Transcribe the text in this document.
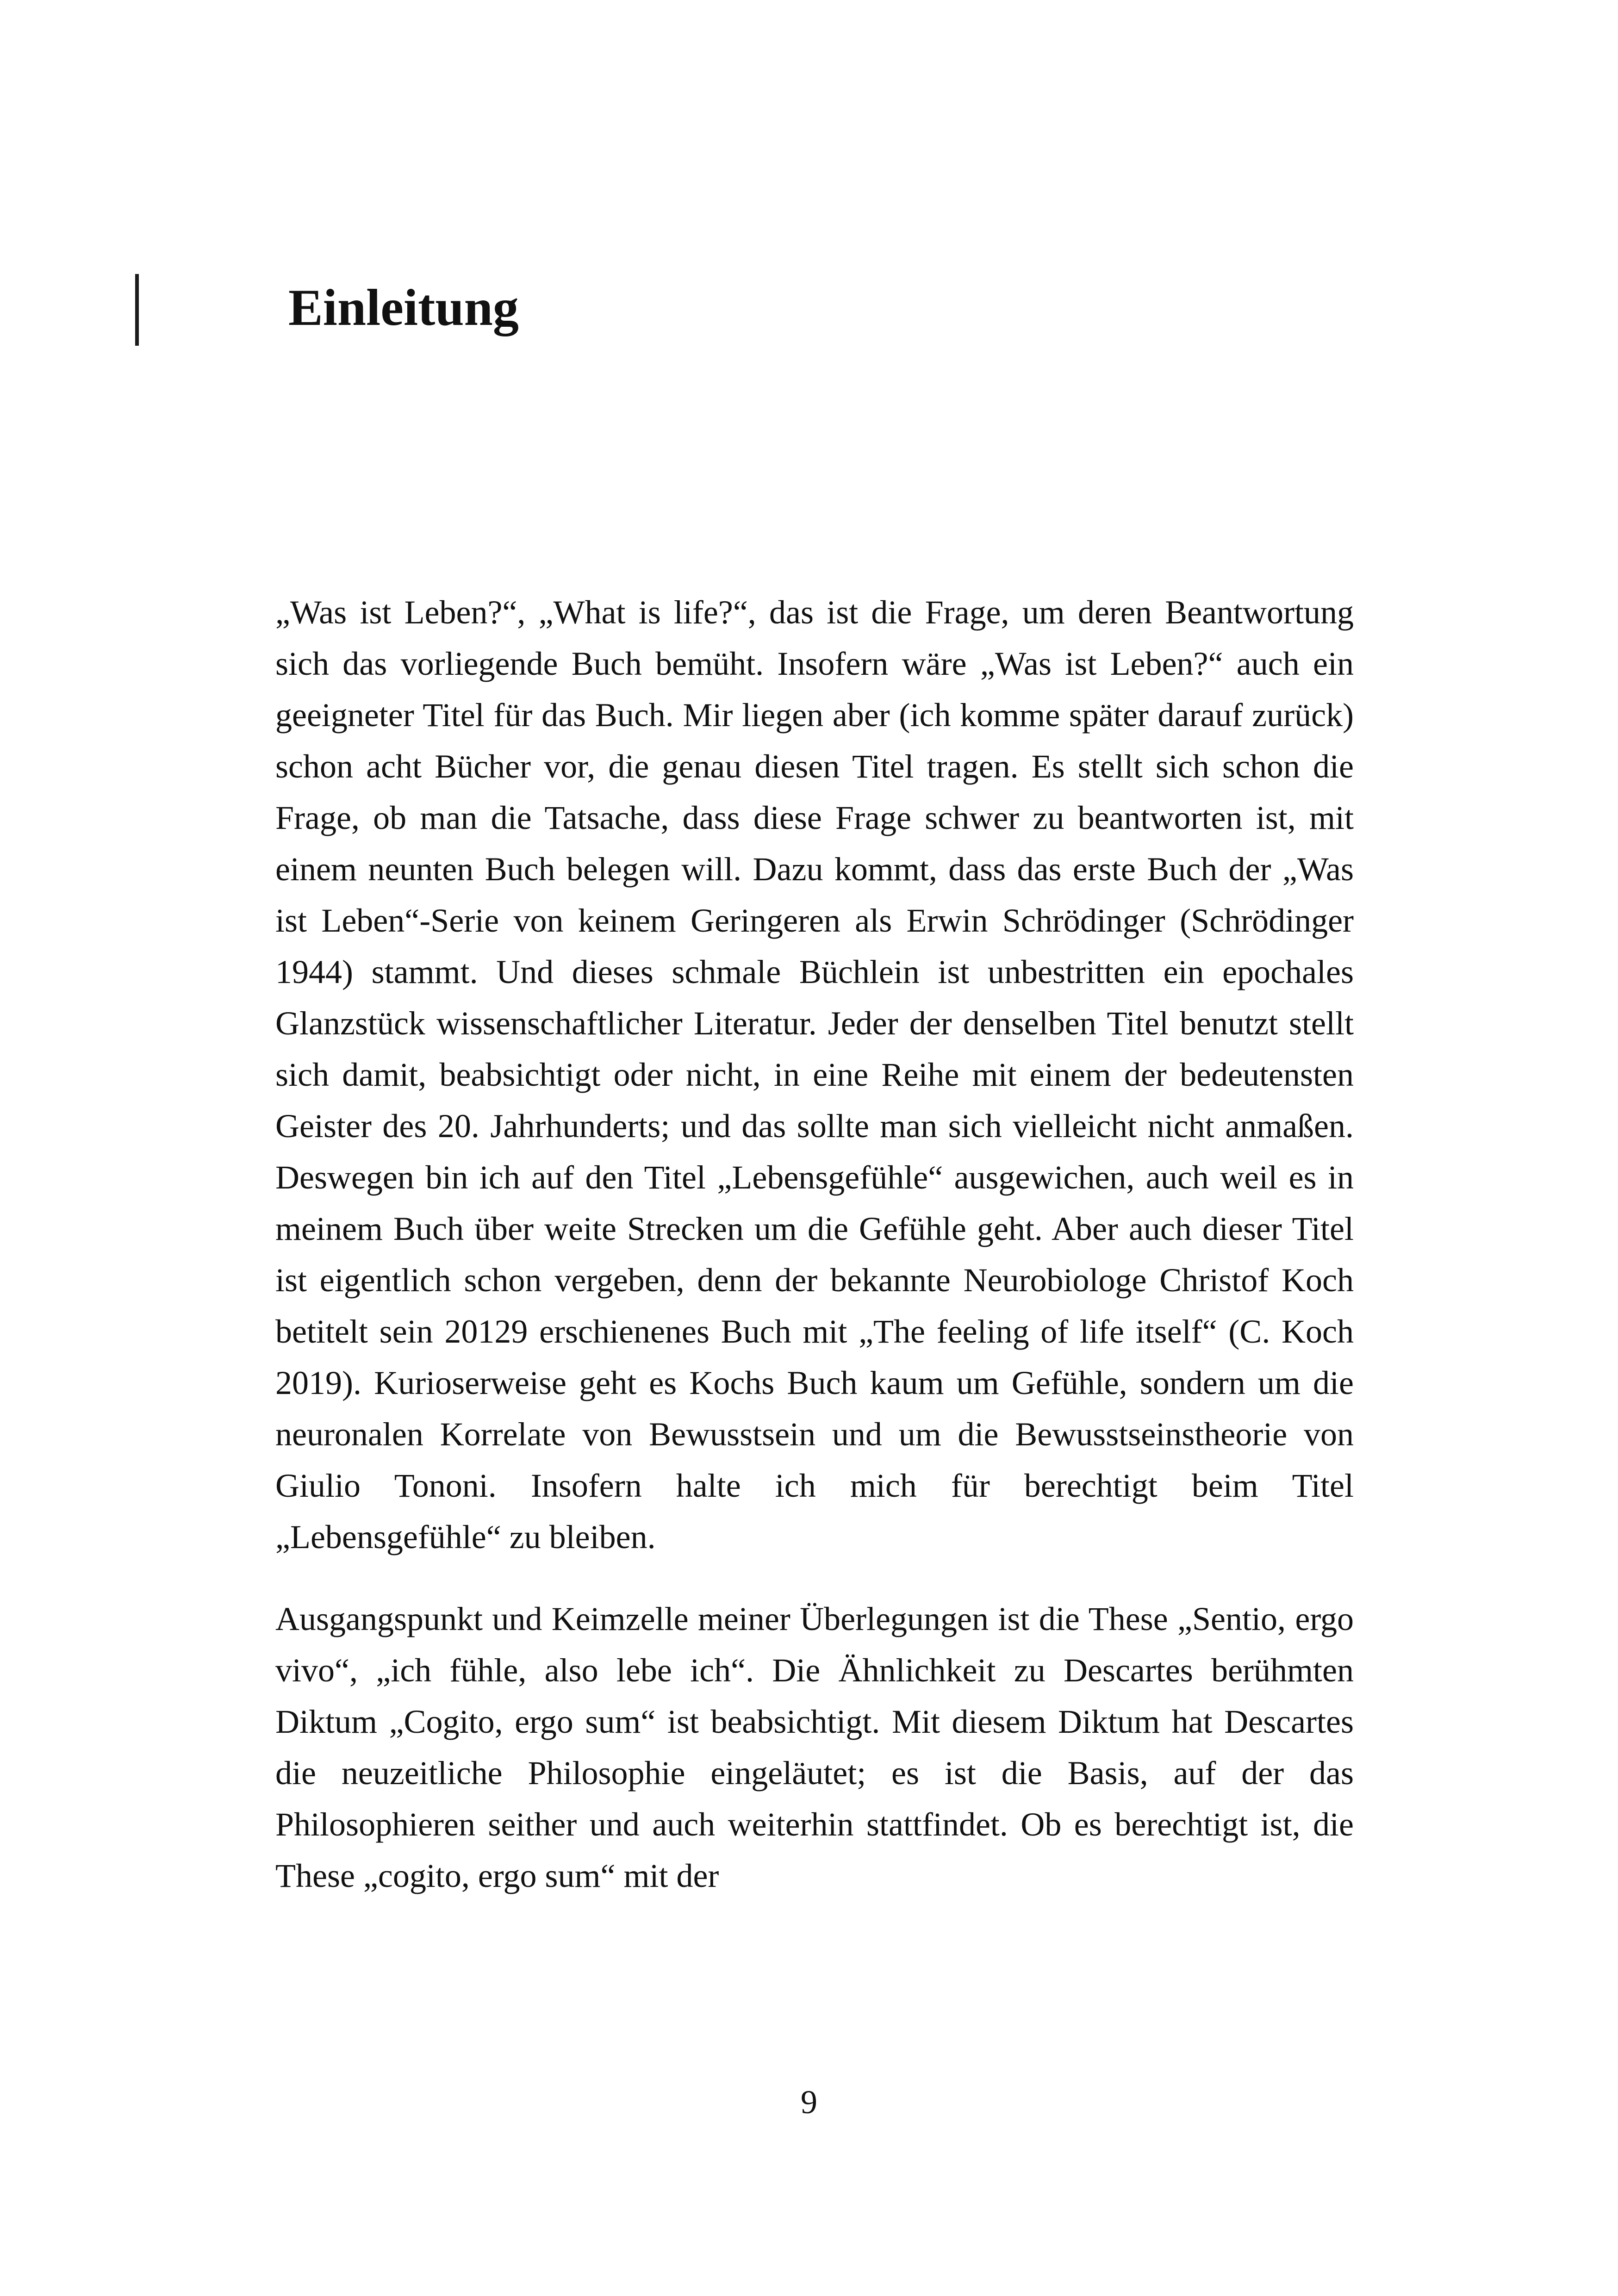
Einleitung

„Was ist Leben?“, „What is life?“, das ist die Frage, um deren Beantwortung sich das vorliegende Buch bemüht. Insofern wäre „Was ist Leben?“ auch ein geeigneter Titel für das Buch. Mir liegen aber (ich komme später darauf zurück) schon acht Bücher vor, die genau diesen Titel tragen. Es stellt sich schon die Frage, ob man die Tatsache, dass diese Frage schwer zu beantworten ist, mit einem neunten Buch belegen will. Dazu kommt, dass das erste Buch der „Was ist Leben“-Serie von keinem Geringeren als Erwin Schrödinger (Schrödinger 1944) stammt. Und dieses schmale Büchlein ist unbestritten ein epochales Glanzstück wissenschaftlicher Literatur. Jeder der denselben Titel benutzt stellt sich damit, beabsichtigt oder nicht, in eine Reihe mit einem der bedeutensten Geister des 20. Jahrhunderts; und das sollte man sich vielleicht nicht anmaßen. Deswegen bin ich auf den Titel „Lebensgefühle“ ausgewichen, auch weil es in meinem Buch über weite Strecken um die Gefühle geht. Aber auch dieser Titel ist eigentlich schon vergeben, denn der bekannte Neurobiologe Christof Koch betitelt sein 20129 erschienenes Buch mit „The feeling of life itself“ (C. Koch 2019). Kurioserweise geht es Kochs Buch kaum um Gefühle, sondern um die neuronalen Korrelate von Bewusstsein und um die Bewusstseinstheorie von Giulio Tononi. Insofern halte ich mich für berechtigt beim Titel „Lebensgefühle“ zu bleiben.

Ausgangspunkt und Keimzelle meiner Überlegungen ist die These „Sentio, ergo vivo“, „ich fühle, also lebe ich“. Die Ähnlichkeit zu Descartes berühmten Diktum „Cogito, ergo sum“ ist beabsichtigt. Mit diesem Diktum hat Descartes die neuzeitliche Philosophie eingeläutet; es ist die Basis, auf der das Philosophieren seither und auch weiterhin stattfindet. Ob es berechtigt ist, die These „cogito, ergo sum“ mit der

9
